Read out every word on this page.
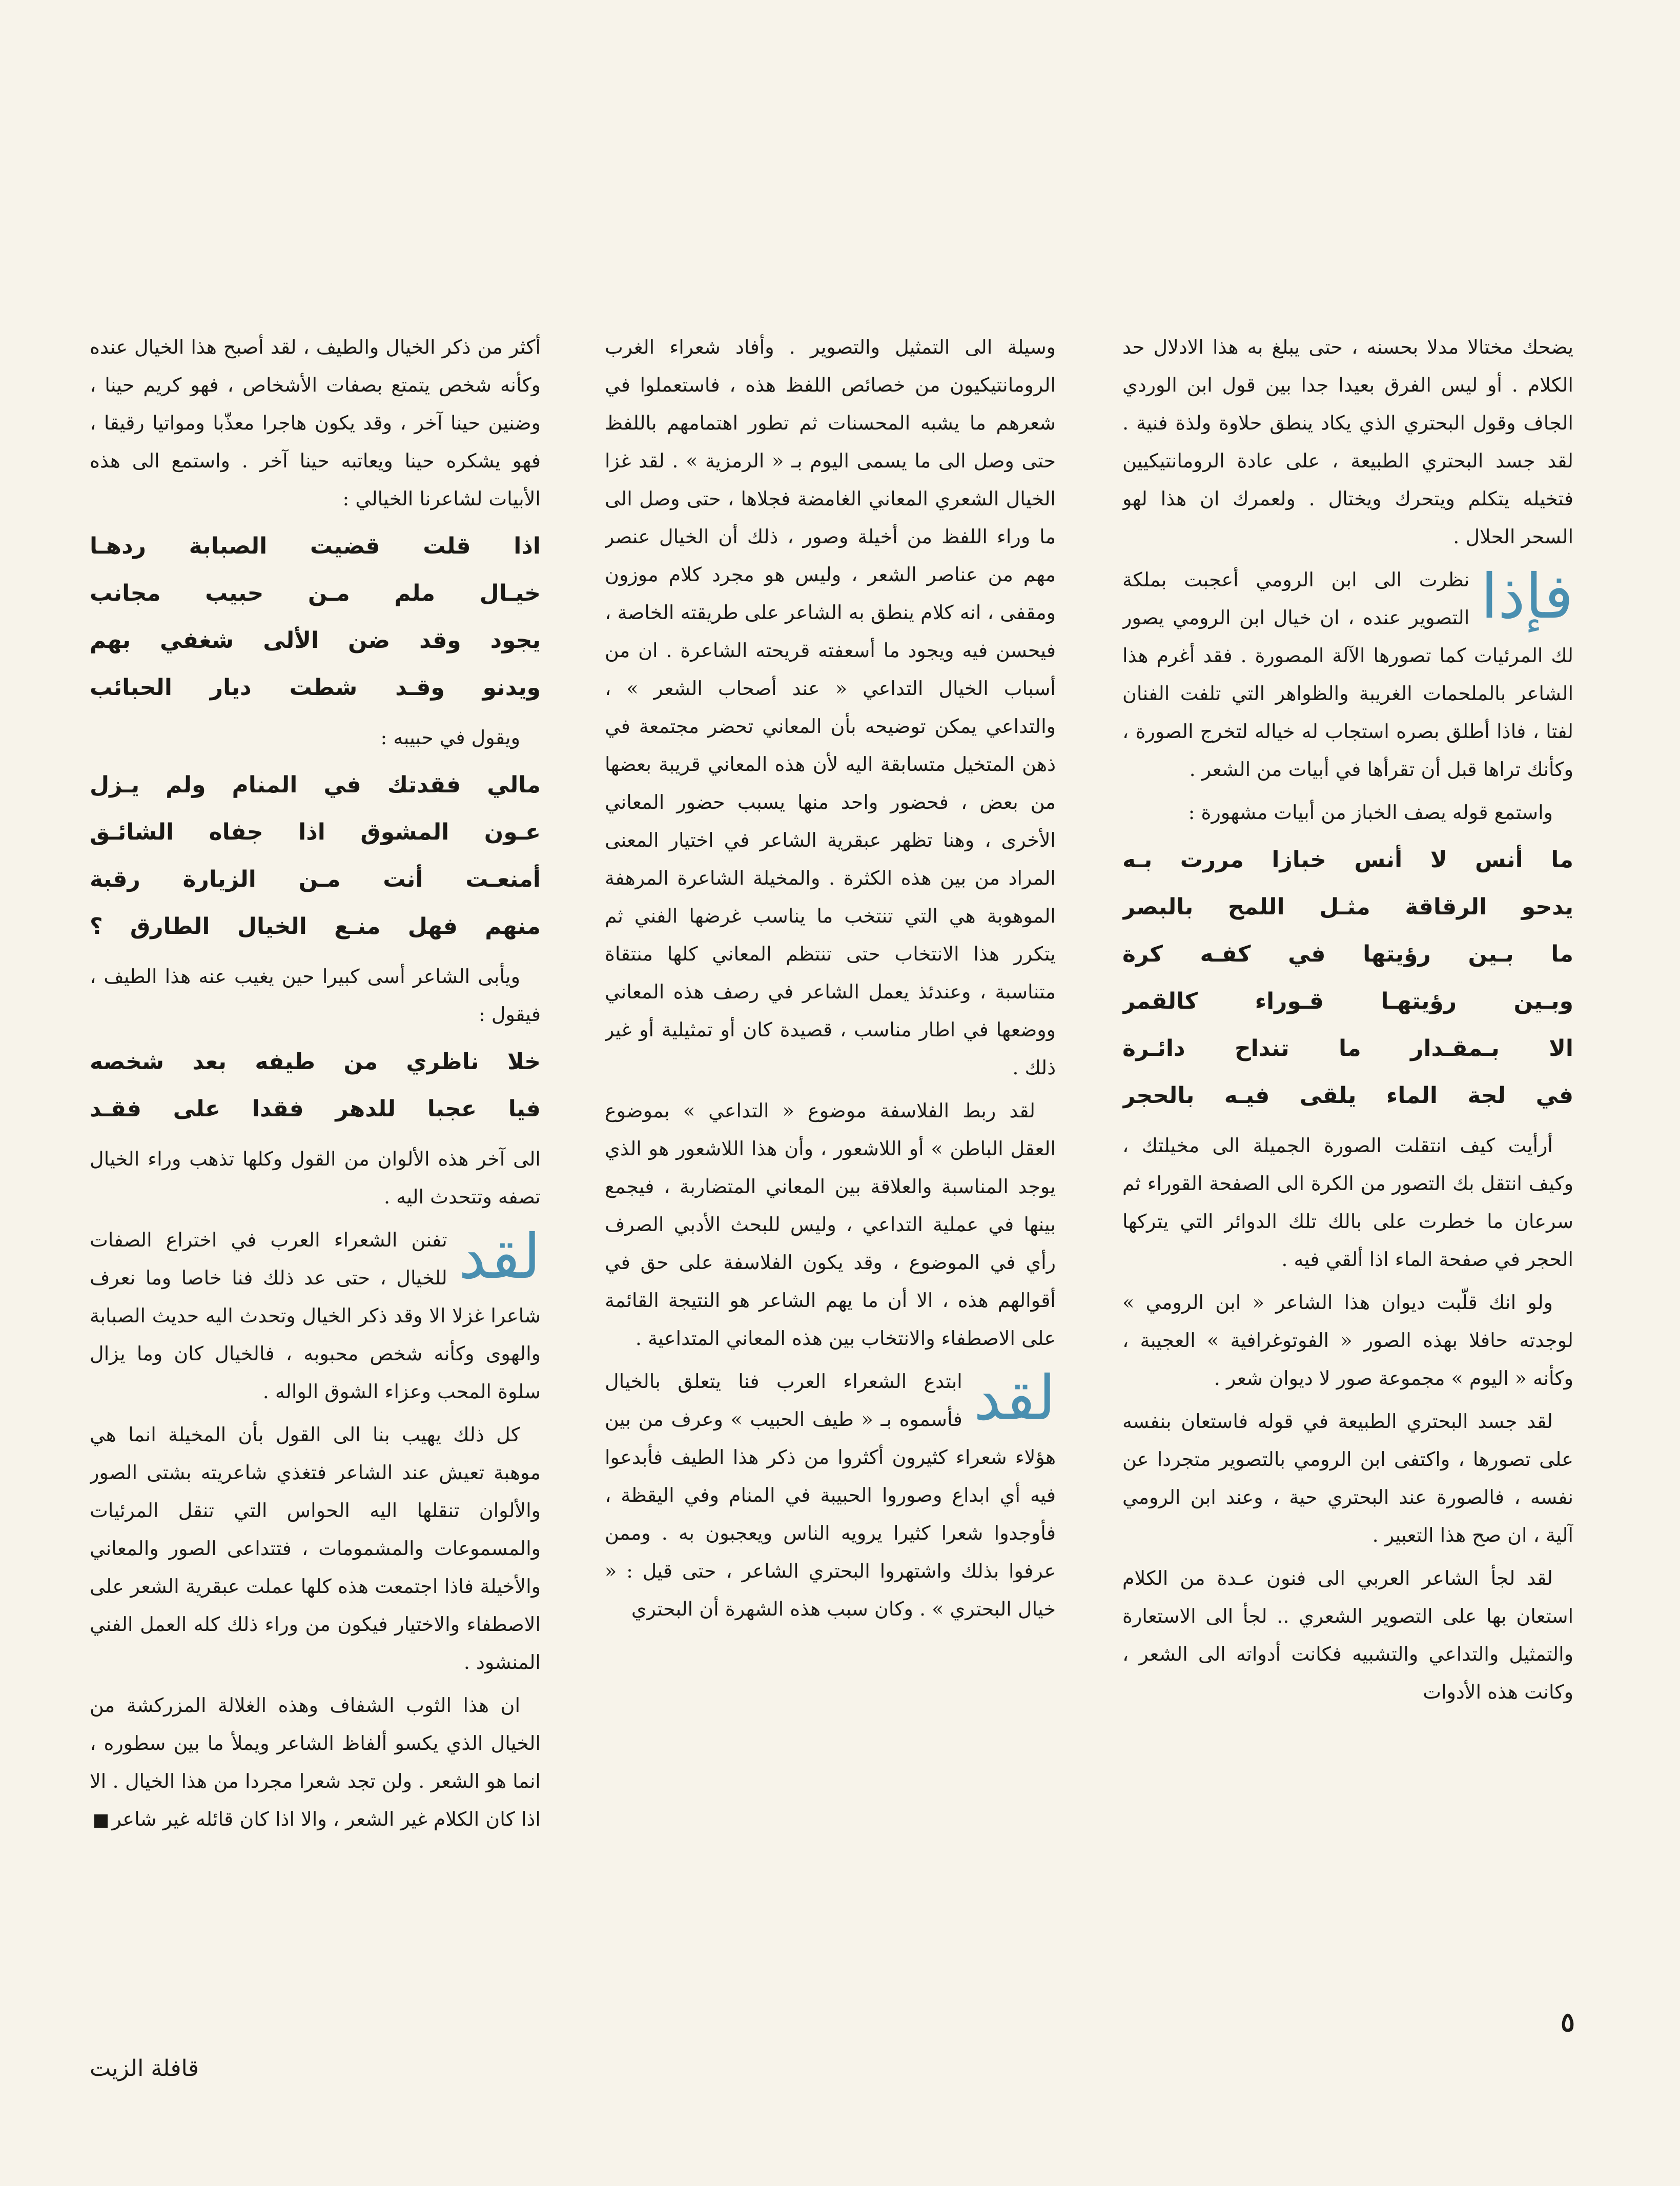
يضحك مختالا مدلا بحسنه ، حتى يبلغ به هذا الادلال حد الكلام . أو ليس الفرق بعيدا جدا بين قول ابن الوردي الجاف وقول البحتري الذي يكاد ينطق حلاوة ولذة فنية . لقد جسد البحتري الطبيعة ، على عادة الرومانتيكيين فتخيله يتكلم ويتحرك ويختال . ولعمرك ان هذا لهو السحر الحلال .

فإذا
نظرت الى ابن الرومي أعجبت بملكة التصوير عنده ، ان خيال ابن الرومي يصور لك المرئيات كما تصورها الآلة المصورة . فقد أغرم هذا الشاعر بالملحمات الغريبة والظواهر التي تلفت الفنان لفتا ، فاذا أطلق بصره استجاب له خياله لتخرج الصورة ، وكأنك تراها قبل أن تقرأها في أبيات من الشعر .

واستمع قوله يصف الخباز من أبيات مشهورة :

ما أنس لا أنس خبازا مررت بـه

يدحو الرقاقة مثـل اللمح بالبصر

ما بـين رؤيتها في كفـه كرة

وبـين رؤيتهـا قـوراء كالقمر

الا بـمقـدار ما تنداح دائـرة

في لجة الماء يلقى فيـه بالحجر

أرأيت كيف انتقلت الصورة الجميلة الى مخيلتك ، وكيف انتقل بك التصور من الكرة الى الصفحة القوراء ثم سرعان ما خطرت على بالك تلك الدوائر التي يتركها الحجر في صفحة الماء اذا ألقي فيه .

ولو انك قلّبت ديوان هذا الشاعر « ابن الرومي » لوجدته حافلا بهذه الصور « الفوتوغرافية » العجيبة ، وكأنه « اليوم » مجموعة صور لا ديوان شعر .

لقد جسد البحتري الطبيعة في قوله فاستعان بنفسه على تصورها ، واكتفى ابن الرومي بالتصوير متجردا عن نفسه ، فالصورة عند البحتري حية ، وعند ابن الرومي آلية ، ان صح هذا التعبير .

لقد لجأ الشاعر العربي الى فنون عـدة من الكلام استعان بها على التصوير الشعري .. لجأ الى الاستعارة والتمثيل والتداعي والتشبيه فكانت أدواته الى الشعر ، وكانت هذه الأدوات

وسيلة الى التمثيل والتصوير . وأفاد شعراء الغرب الرومانتيكيون من خصائص اللفظ هذه ، فاستعملوا في شعرهم ما يشبه المحسنات ثم تطور اهتمامهم باللفظ حتى وصل الى ما يسمى اليوم بـ « الرمزية » . لقد غزا الخيال الشعري المعاني الغامضة فجلاها ، حتى وصل الى ما وراء اللفظ من أخيلة وصور ، ذلك أن الخيال عنصر مهم من عناصر الشعر ، وليس هو مجرد كلام موزون ومقفى ، انه كلام ينطق به الشاعر على طريقته الخاصة ، فيحسن فيه ويجود ما أسعفته قريحته الشاعرة . ان من أسباب الخيال التداعي « عند أصحاب الشعر » ، والتداعي يمكن توضيحه بأن المعاني تحضر مجتمعة في ذهن المتخيل متسابقة اليه لأن هذه المعاني قريبة بعضها من بعض ، فحضور واحد منها يسبب حضور المعاني الأخرى ، وهنا تظهر عبقرية الشاعر في اختيار المعنى المراد من بين هذه الكثرة . والمخيلة الشاعرة المرهفة الموهوبة هي التي تنتخب ما يناسب غرضها الفني ثم يتكرر هذا الانتخاب حتى تنتظم المعاني كلها منتقاة متناسبة ، وعندئذ يعمل الشاعر في رصف هذه المعاني ووضعها في اطار مناسب ، قصيدة كان أو تمثيلية أو غير ذلك .

لقد ربط الفلاسفة موضوع « التداعي » بموضوع العقل الباطن » أو اللاشعور ، وأن هذا اللاشعور هو الذي يوجد المناسبة والعلاقة بين المعاني المتضاربة ، فيجمع بينها في عملية التداعي ، وليس للبحث الأدبي الصرف رأي في الموضوع ، وقد يكون الفلاسفة على حق في أقوالهم هذه ، الا أن ما يهم الشاعر هو النتيجة القائمة على الاصطفاء والانتخاب بين هذه المعاني المتداعية .

لقد
ابتدع الشعراء العرب فنا يتعلق بالخيال فأسموه بـ « طيف الحبيب » وعرف من بين هؤلاء شعراء كثيرون أكثروا من ذكر هذا الطيف فأبدعوا فيه أي ابداع وصوروا الحبيبة في المنام وفي اليقظة ، فأوجدوا شعرا كثيرا يرويه الناس ويعجبون به . وممن عرفوا بذلك واشتهروا البحتري الشاعر ، حتى قيل : « خيال البحتري » . وكان سبب هذه الشهرة أن البحتري

أكثر من ذكر الخيال والطيف ، لقد أصبح هذا الخيال عنده وكأنه شخص يتمتع بصفات الأشخاص ، فهو كريم حينا ، وضنين حينا آخر ، وقد يكون هاجرا معذّبا ومواتيا رقيقا ، فهو يشكره حينا ويعاتبه حينا آخر . واستمع الى هذه الأبيات لشاعرنا الخيالي :

اذا قلت قضيت الصبابة ردهـا

خيـال ملم مـن حبيب مجانب

يجود وقد ضن الألى شغفي بهم

ويدنو وقـد شطت ديار الحبائب

ويقول في حبيبه :

مالي فقدتك في المنام ولم يـزل

عـون المشوق اذا جفاه الشائـق

أمنعـت أنت مـن الزيارة رقبة

منهم فهل منـع الخيال الطارق ؟

ويأبى الشاعر أسى كبيرا حين يغيب عنه هذا الطيف ، فيقول :

خلا ناظري من طيفه بعد شخصه

فيا عجبا للدهر فقدا على فقـد

الى آخر هذه الألوان من القول وكلها تذهب وراء الخيال تصفه وتتحدث اليه .

لقد
تفنن الشعراء العرب في اختراع الصفات للخيال ، حتى عد ذلك فنا خاصا وما نعرف شاعرا غزلا الا وقد ذكر الخيال وتحدث اليه حديث الصبابة والهوى وكأنه شخص محبوبه ، فالخيال كان وما يزال سلوة المحب وعزاء الشوق الواله .

كل ذلك يهيب بنا الى القول بأن المخيلة انما هي موهبة تعيش عند الشاعر فتغذي شاعريته بشتى الصور والألوان تنقلها اليه الحواس التي تنقل المرئيات والمسموعات والمشمومات ، فتتداعى الصور والمعاني والأخيلة فاذا اجتمعت هذه كلها عملت عبقرية الشعر على الاصطفاء والاختيار فيكون من وراء ذلك كله العمل الفني المنشود .

ان هذا الثوب الشفاف وهذه الغلالة المزركشة من الخيال الذي يكسو ألفاظ الشاعر ويملأ ما بين سطوره ، انما هو الشعر . ولن تجد شعرا مجردا من هذا الخيال . الا اذا كان الكلام غير الشعر ، والا اذا كان قائله غير شاعر

٥
قافلة الزيت
